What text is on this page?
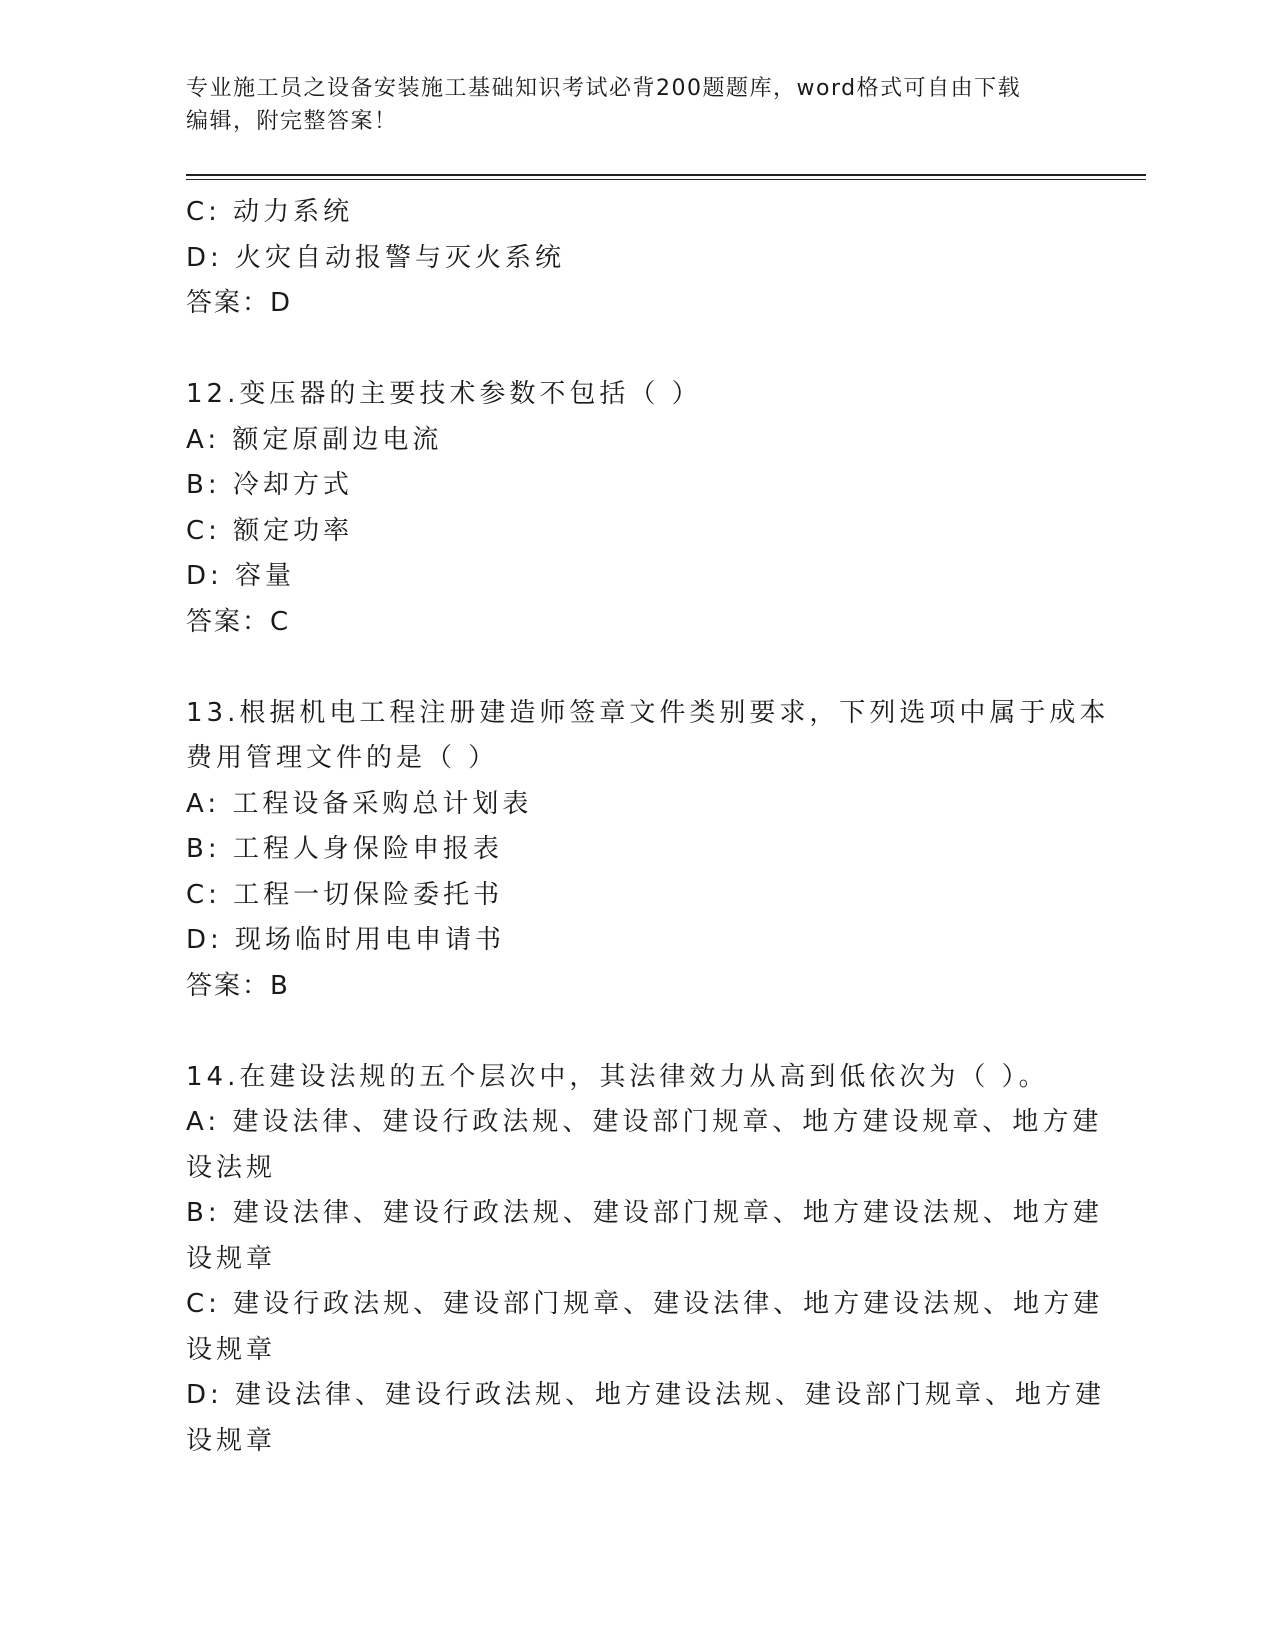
专业施工员之设备安装施工基础知识考试必背200题题库，word格式可自由下载
编辑，附完整答案！
C: 动力系统
D: 火灾自动报警与灭火系统
答案：D
12.变压器的主要技术参数不包括（ ）
A: 额定原副边电流
B: 冷却方式
C: 额定功率
D: 容量
答案：C
13.根据机电工程注册建造师签章文件类别要求，下列选项中属于成本
费用管理文件的是（ ）
A: 工程设备采购总计划表
B: 工程人身保险申报表
C: 工程一切保险委托书
D: 现场临时用电申请书
答案：B
14.在建设法规的五个层次中，其法律效力从高到低依次为（ ）。
A: 建设法律、建设行政法规、建设部门规章、地方建设规章、地方建
设法规
B: 建设法律、建设行政法规、建设部门规章、地方建设法规、地方建
设规章
C: 建设行政法规、建设部门规章、建设法律、地方建设法规、地方建
设规章
D: 建设法律、建设行政法规、地方建设法规、建设部门规章、地方建
设规章
